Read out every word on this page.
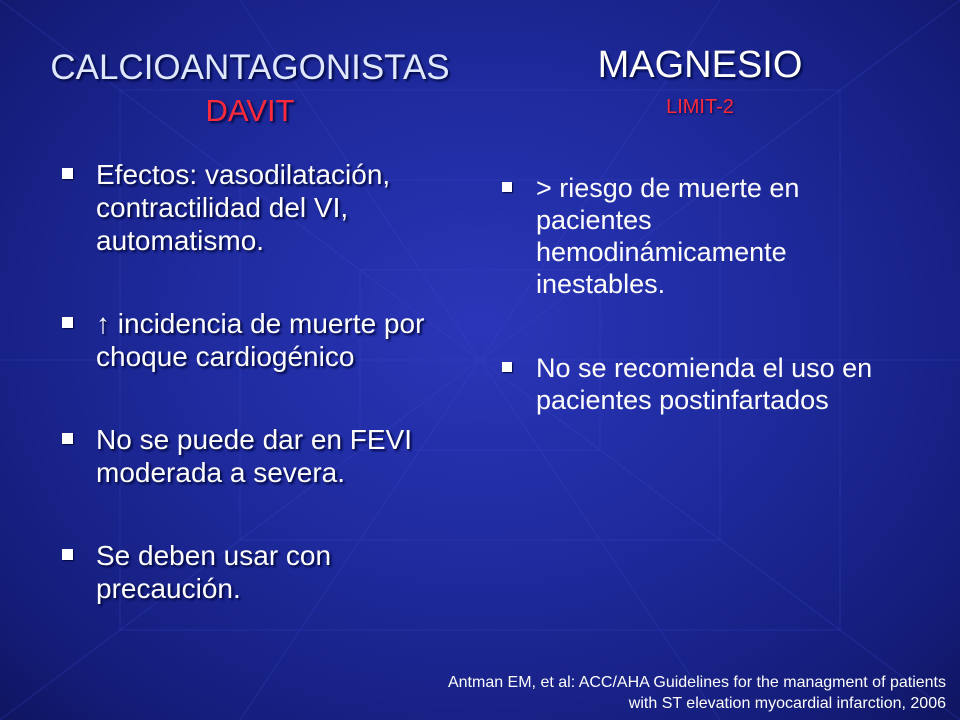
CALCIOANTAGONISTAS
DAVIT
MAGNESIO
LIMIT-2
Efectos: vasodilatación, contractilidad del VI, automatismo.
↑ incidencia de muerte por choque cardiogénico
No se puede dar en FEVI moderada a severa.
Se deben usar con precaución.
> riesgo de muerte en pacientes hemodinámicamente inestables.
No se recomienda el uso en pacientes postinfartados
Antman EM, et al: ACC/AHA Guidelines for the managment of patients
with ST elevation myocardial infarction, 2006
